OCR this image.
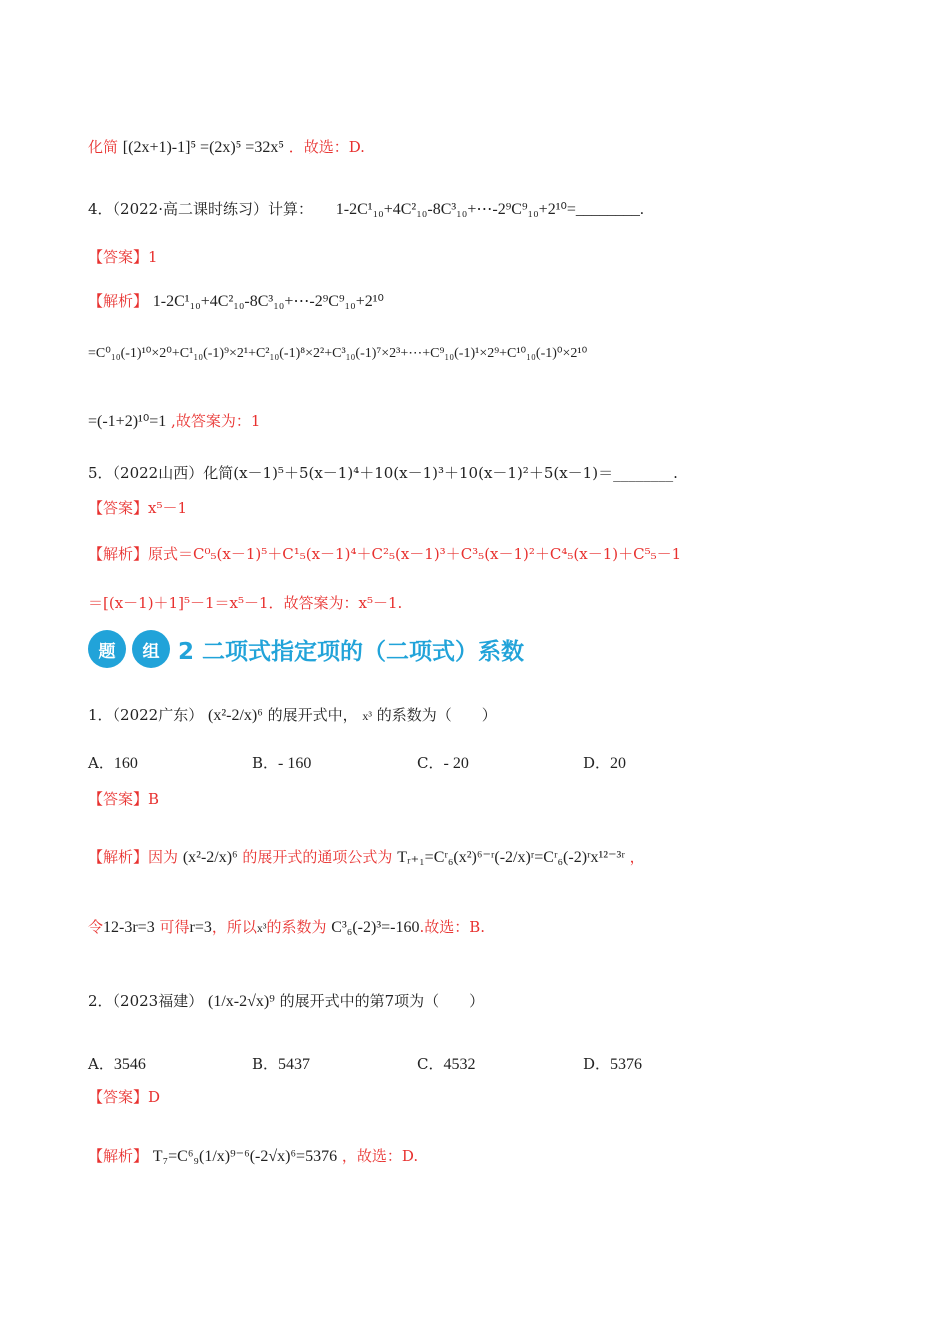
化简 [(2x+1)-1]⁵ =(2x)⁵ =32x⁵ ．故选：D.
4．（2022·高二课时练习）计算： 1-2C¹₁₀+4C²₁₀-8C³₁₀+⋯-2⁹C⁹₁₀+2¹⁰=________.
【答案】1
【解析】 1-2C¹₁₀+4C²₁₀-8C³₁₀+⋯-2⁹C⁹₁₀+2¹⁰
=C⁰₁₀(-1)¹⁰×2⁰+C¹₁₀(-1)⁹×2¹+C²₁₀(-1)⁸×2²+C³₁₀(-1)⁷×2³+⋯+C⁹₁₀(-1)¹×2⁹+C¹⁰₁₀(-1)⁰×2¹⁰
=(-1+2)¹⁰=1 ,故答案为：1
5．（2022山西）化简(x－1)⁵＋5(x－1)⁴＋10(x－1)³＋10(x－1)²＋5(x－1)＝________.
【答案】x⁵－1
【解析】原式＝C⁰₅(x－1)⁵＋C¹₅(x－1)⁴＋C²₅(x－1)³＋C³₅(x－1)²＋C⁴₅(x－1)＋C⁵₅－1
＝[(x－1)＋1]⁵－1＝x⁵－1．故答案为：x⁵－1.
题	组 2 二项式指定项的（二项式）系数
1．（2022广东） (x²-2/x)⁶ 的展开式中， x³ 的系数为（　　）
A．160	B．- 160	C．- 20	D．20
【答案】B
【解析】因为 (x²-2/x)⁶ 的展开式的通项公式为 Tᵣ₊₁=Cʳ₆(x²)⁶⁻ʳ(-2/x)ʳ=Cʳ₆(-2)ʳx¹²⁻³ʳ ，
令12-3r=3 可得r=3，所以x³的系数为 C³₆(-2)³=-160.故选：B.
2．（2023福建） (1/x-2√x)⁹ 的展开式中的第7项为（　　）
A．3546	B．5437	C．4532	D．5376
【答案】D
【解析】 T₇=C⁶₉(1/x)⁹⁻⁶(-2√x)⁶=5376 ，故选：D.
